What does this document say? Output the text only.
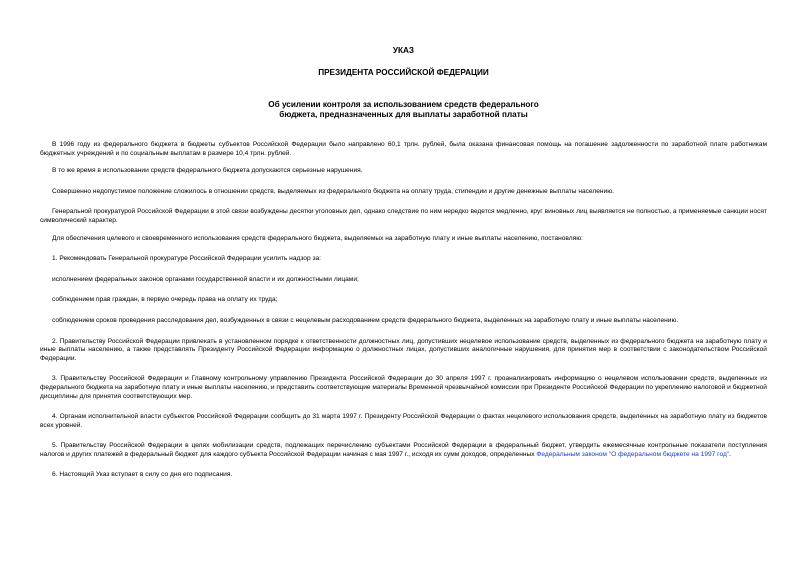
УКАЗ

ПРЕЗИДЕНТА РОССИЙСКОЙ ФЕДЕРАЦИИ

Об усилении контроля за использованием средств федерального
бюджета, предназначенных для выплаты заработной платы

В 1996 году из федерального бюджета в бюджеты субъектов Российской Федерации было направлено 60,1 трлн. рублей, была оказана финансовая помощь на погашение задолженности по заработной плате работникам бюджетных учреждений и по социальным выплатам в размере 10,4 трлн. рублей.

В то же время в использовании средств федерального бюджета допускаются серьезные нарушения.

Совершенно недопустимое положение сложилось в отношении средств, выделяемых из федерального бюджета на оплату труда, стипендии и другие денежные выплаты населению.

Генеральной прокуратурой Российской Федерации в этой связи возбуждены десятки уголовных дел, однако следствие по ним нередко ведется медленно, круг виновных лиц выявляется не полностью, а применяемые санкции носят символический характер.

Для обеспечения целевого и своевременного использования средств федерального бюджета, выделяемых на заработную плату и иные выплаты населению, постановляю:

1. Рекомендовать Генеральной прокуратуре Российской Федерации усилить надзор за:

исполнением федеральных законов органами государственной власти и их должностными лицами;

соблюдением прав граждан, в первую очередь права на оплату их труда;

соблюдением сроков проведения расследования дел, возбужденных в связи с нецелевым расходованием средств федерального бюджета, выделенных на заработную плату и иные выплаты населению.

2. Правительству Российской Федерации привлекать в установленном порядке к ответственности должностных лиц, допустивших нецелевое использование средств, выделенных из федерального бюджета на заработную плату и иные выплаты населению, а также представлять Президенту Российской Федерации информацию о должностных лицах, допустивших аналогичные нарушения, для принятия мер в соответствии с законодательством Российской Федерации.

3. Правительству Российской Федерации и Главному контрольному управлению Президента Российской Федерации до 30 апреля 1997 г. проанализировать информацию о нецелевом использовании средств, выделенных из федерального бюджета на заработную плату и иные выплаты населению, и представить соответствующие материалы Временной чрезвычайной комиссии при Президенте Российской Федерации по укреплению налоговой и бюджетной дисциплины для принятия соответствующих мер.

4. Органам исполнительной власти субъектов Российской Федерации сообщить до 31 марта 1997 г. Президенту Российской Федерации о фактах нецелевого использования средств, выделенных на заработную плату из бюджетов всех уровней.

5. Правительству Российской Федерации в целях мобилизации средств, подлежащих перечислению субъектами Российской Федерации в федеральный бюджет, утвердить ежемесячные контрольные показатели поступления налогов и других платежей в федеральный бюджет для каждого субъекта Российской Федерации начиная с мая 1997 г., исходя их сумм доходов, определенных Федеральным законом "О федеральном бюджете на 1997 год".

6. Настоящий Указ вступает в силу со дня его подписания.
